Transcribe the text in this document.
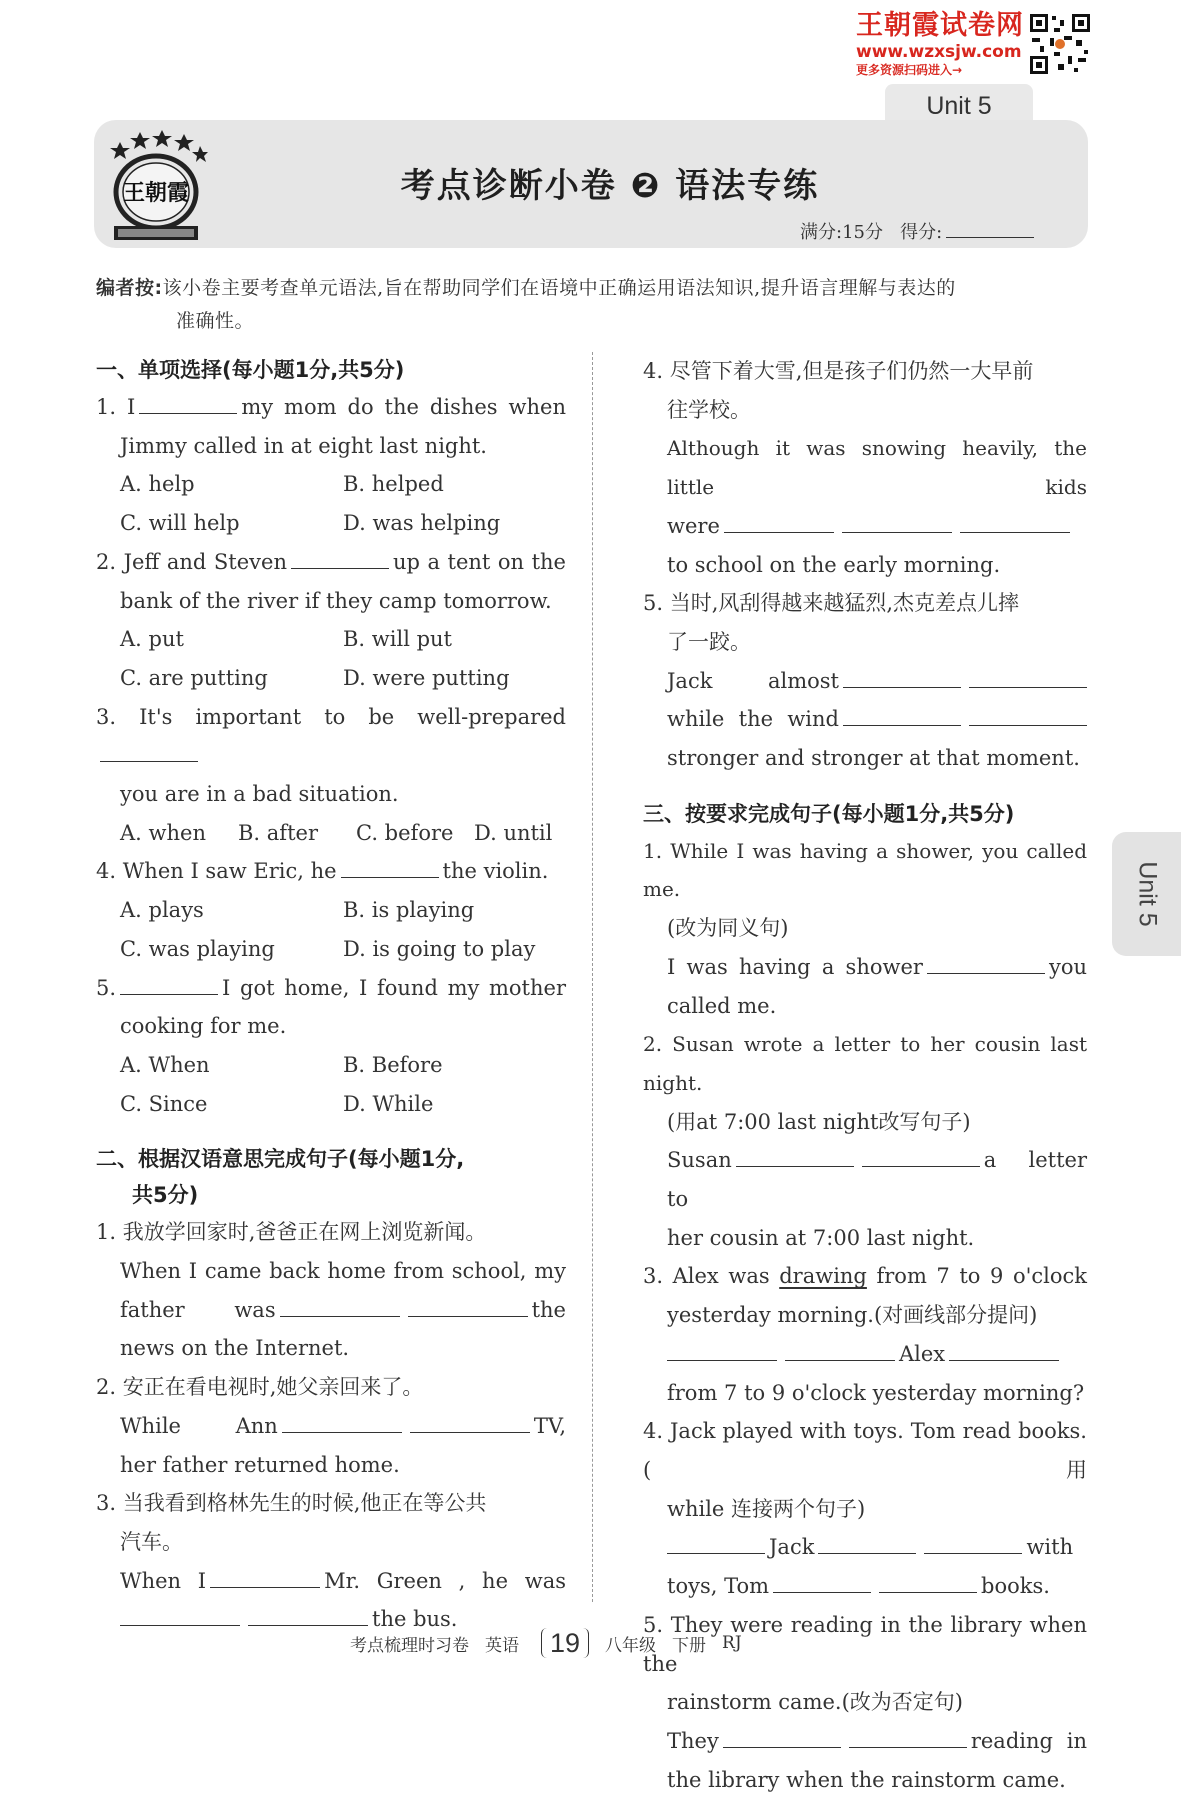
王朝霞试卷网
www.wzxsjw.com
更多资源扫码进入→
Unit 5
王朝霞	考点诊断小卷 ❷ 语法专练
满分:15分 得分:
编者按:该小卷主要考查单元语法,旨在帮助同学们在语境中正确运用语法知识,提升语言理解与表达的
准确性。
一、单项选择(每小题1分,共5分)
1. I	my mom do the dishes when
Jimmy called in at eight last night.
A. help	B. helped
C. will help	D. was helping
2. Jeff and Steven	up a tent on the
bank of the river if they camp tomorrow.
A. put	B. will put
C. are putting	D. were putting
3. It's important to be well-prepared
you are in a bad situation.
A. when	B. after	C. before D. until
4. When I saw Eric, he	the violin.
A. plays	B. is playing
C. was playing	D. is going to play
5.	I got home, I found my mother
cooking for me.
A. When	B. Before
C. Since	D. While
二、根据汉语意思完成句子(每小题1分,
共5分)
1. 我放学回家时,爸爸正在网上浏览新闻。
When I came back home from school, my
father was	the
news on the Internet.
2. 安正在看电视时,她父亲回来了。
While Ann	TV,
her father returned home.
3. 当我看到格林先生的时候,他正在等公共
汽车。
When I	Mr. Green , he was
the bus.
4. 尽管下着大雪,但是孩子们仍然一大早前
往学校。
Although it was snowing heavily, the little kids
were
to school on the early morning.
5. 当时,风刮得越来越猛烈,杰克差点儿摔
了一跤。
Jack almost
while the wind
stronger and stronger at that moment.
三、按要求完成句子(每小题1分,共5分)
1. While I was having a shower, you called me.
(改为同义句)
I was having a shower	you
called me.
2. Susan wrote a letter to her cousin last night.
(用at 7:00 last night改写句子)
Susan	a letter to
her cousin at 7:00 last night.
3. Alex was drawing from 7 to 9 o'clock
yesterday morning.(对画线部分提问)
Alex
from 7 to 9 o'clock yesterday morning?
4. Jack played with toys. Tom read books.(用
while 连接两个句子)
Jack	with
toys, Tom	books.
5. They were reading in the library when the
rainstorm came.(改为否定句)
They	reading in
the library when the rainstorm came.
Unit 5
考点梳理时习卷 英语	19	八年级 下册 RJ
